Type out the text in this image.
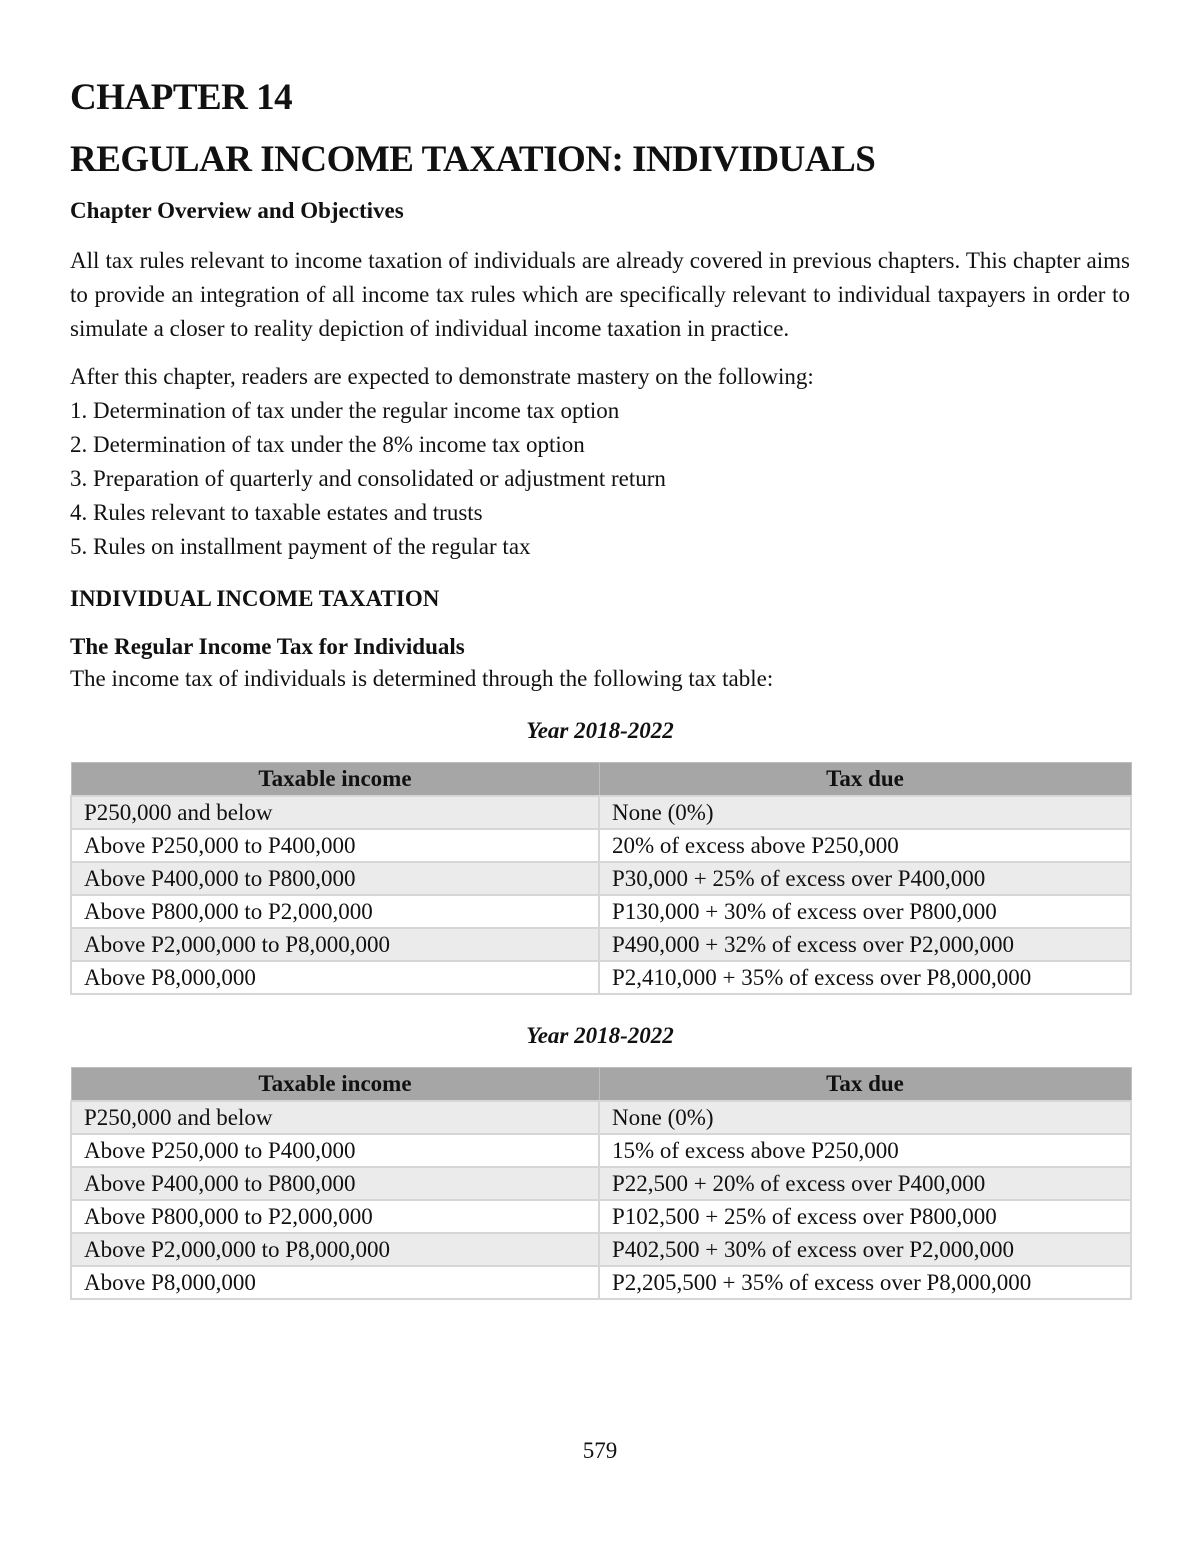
CHAPTER 14
REGULAR INCOME TAXATION: INDIVIDUALS
Chapter Overview and Objectives

All tax rules relevant to income taxation of individuals are already covered in previous chapters. This chapter aims to provide an integration of all income tax rules which are specifically relevant to individual taxpayers in order to simulate a closer to reality depiction of individual income taxation in practice.

After this chapter, readers are expected to demonstrate mastery on the following:

1. Determination of tax under the regular income tax option
2. Determination of tax under the 8% income tax option
3. Preparation of quarterly and consolidated or adjustment return
4. Rules relevant to taxable estates and trusts
5. Rules on installment payment of the regular tax
INDIVIDUAL INCOME TAXATION
The Regular Income Tax for Individuals

The income tax of individuals is determined through the following tax table:

Year 2018-2022
Taxable income	Tax due
P250,000 and below	None (0%)
Above P250,000 to P400,000	20% of excess above P250,000
Above P400,000 to P800,000	P30,000 + 25% of excess over P400,000
Above P800,000 to P2,000,000	P130,000 + 30% of excess over P800,000
Above P2,000,000 to P8,000,000	P490,000 + 32% of excess over P2,000,000
Above P8,000,000	P2,410,000 + 35% of excess over P8,000,000
Year 2018-2022
Taxable income	Tax due
P250,000 and below	None (0%)
Above P250,000 to P400,000	15% of excess above P250,000
Above P400,000 to P800,000	P22,500 + 20% of excess over P400,000
Above P800,000 to P2,000,000	P102,500 + 25% of excess over P800,000
Above P2,000,000 to P8,000,000	P402,500 + 30% of excess over P2,000,000
Above P8,000,000	P2,205,500 + 35% of excess over P8,000,000
579
